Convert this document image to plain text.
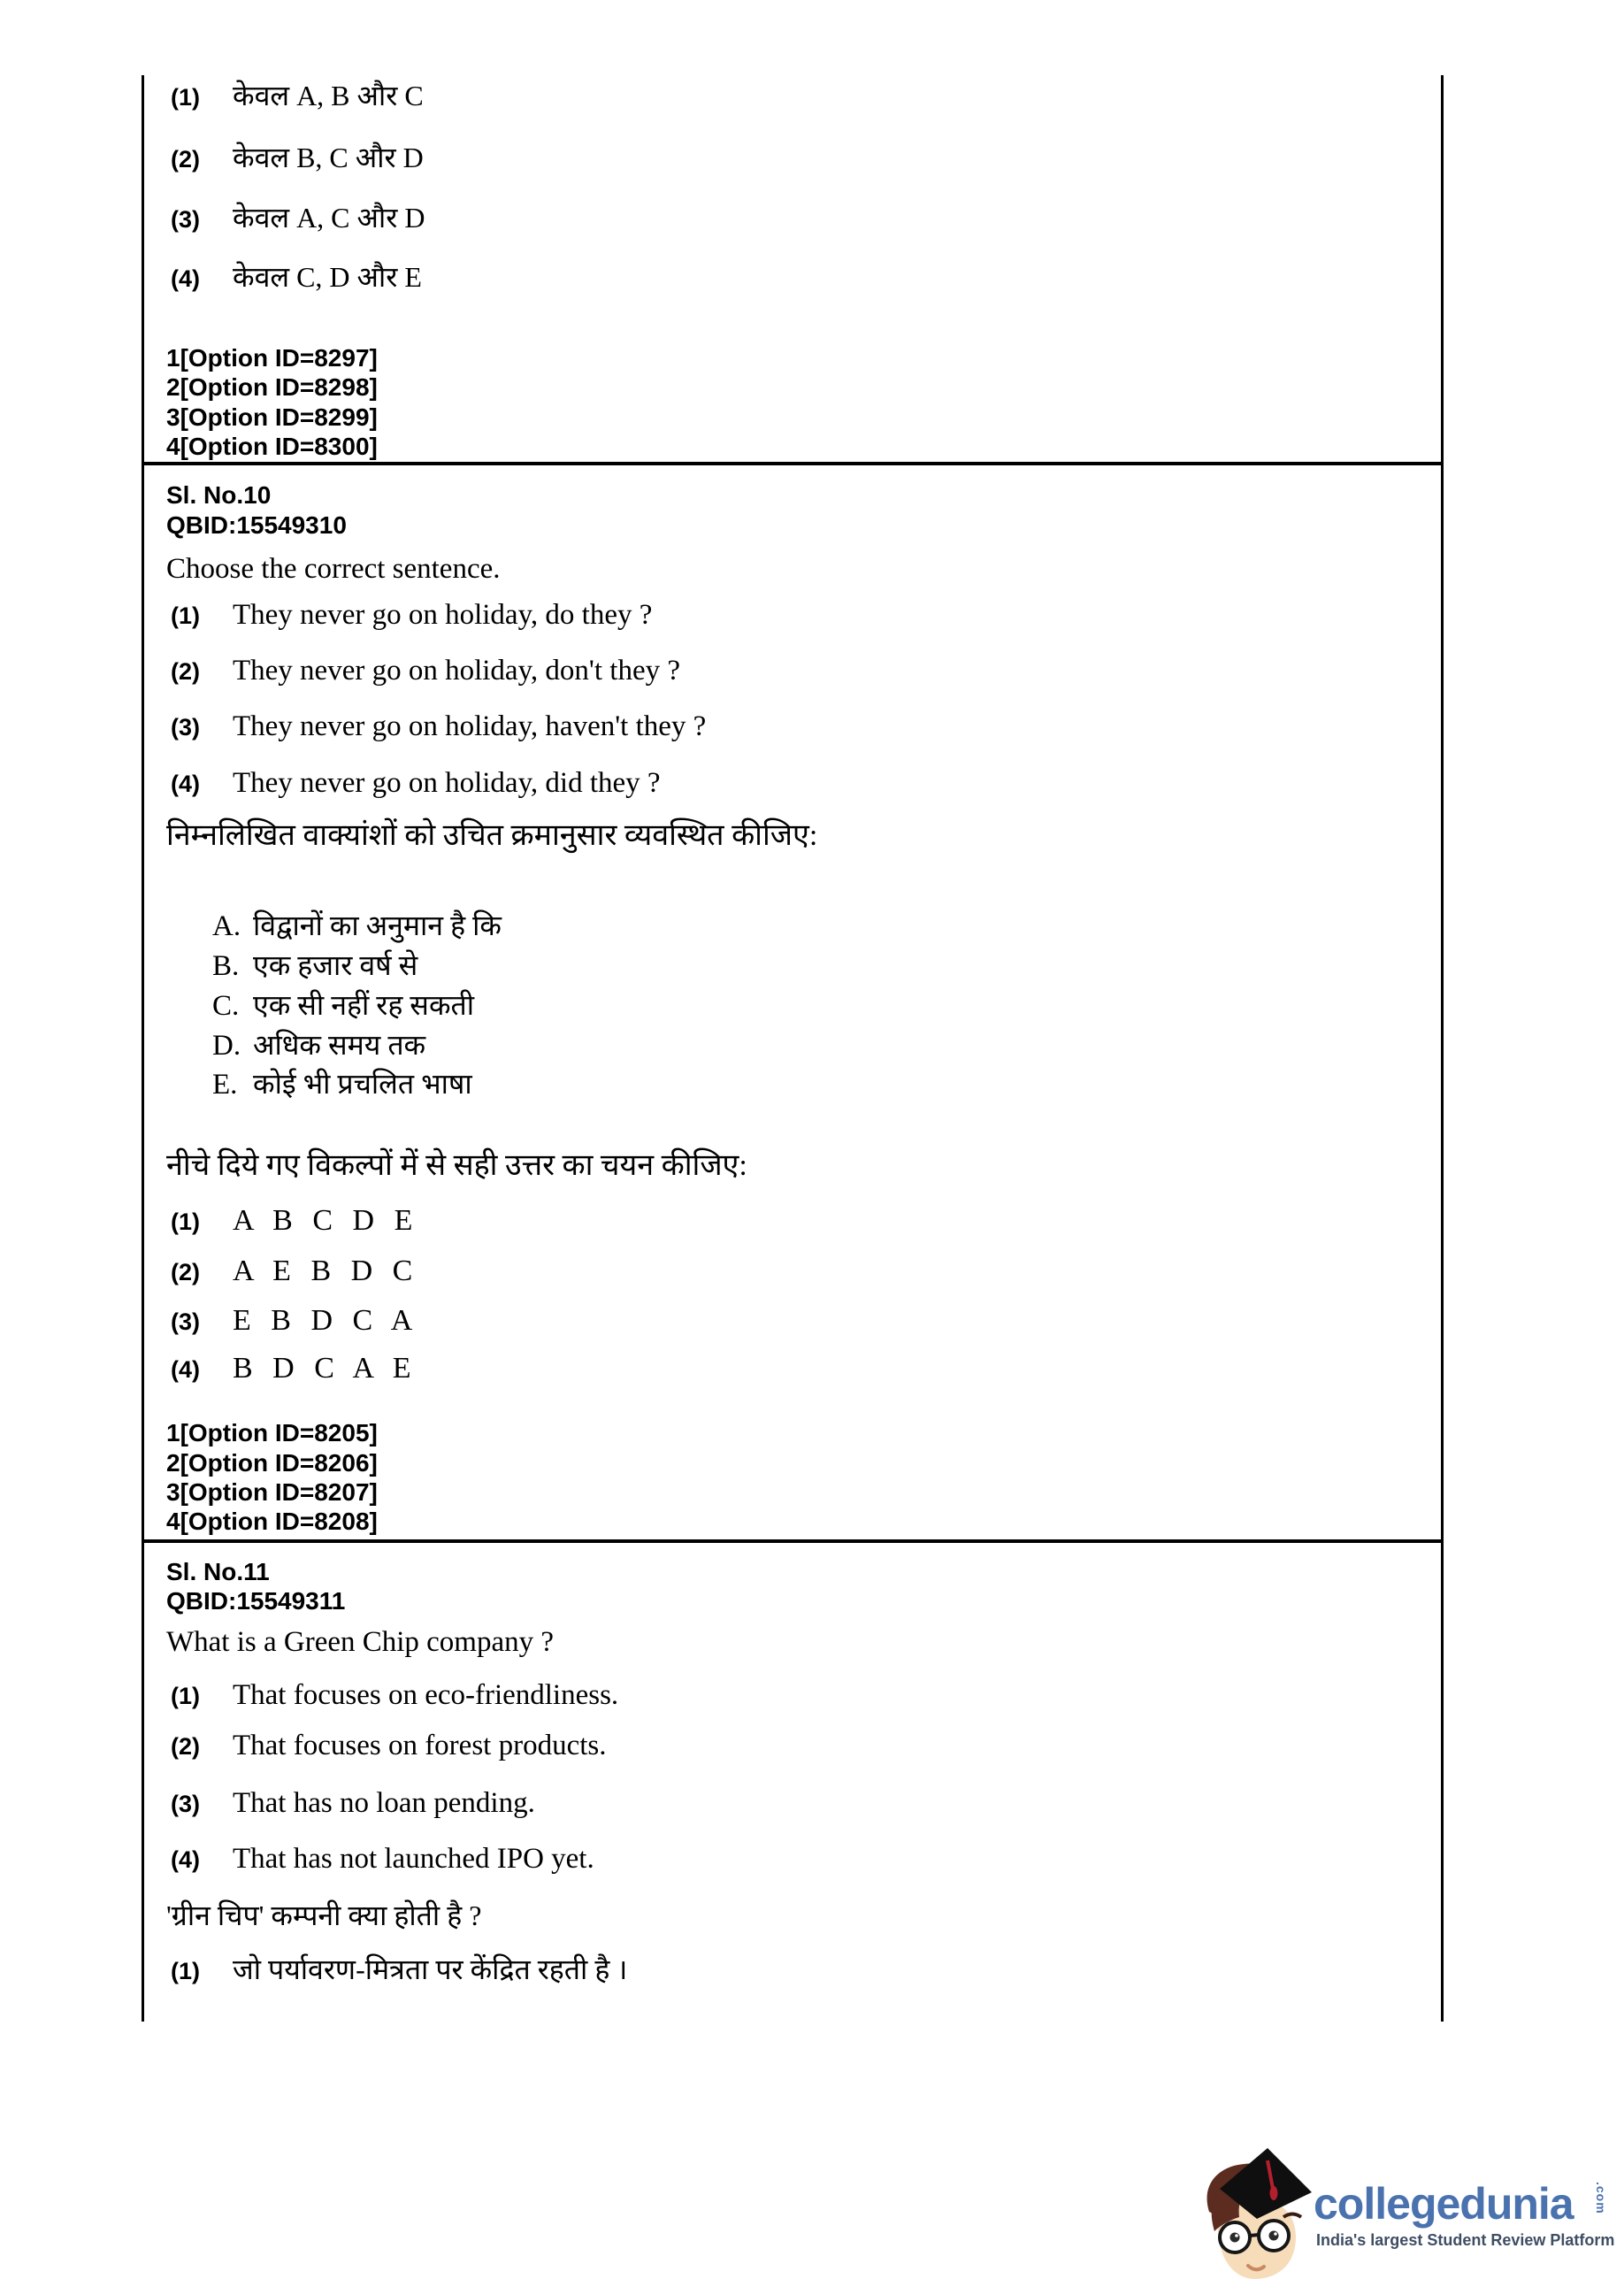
(1) केवल A, B और C
(2) केवल B, C और D
(3) केवल A, C और D
(4) केवल C, D और E
1[Option ID=8297]
2[Option ID=8298]
3[Option ID=8299]
4[Option ID=8300]
Sl. No.10
QBID:15549310
Choose the correct sentence.
(1) They never go on holiday, do they ?
(2) They never go on holiday, don't they ?
(3) They never go on holiday, haven't they ?
(4) They never go on holiday, did they ?
निम्नलिखित वाक्यांशों को उचित क्रमानुसार व्यवस्थित कीजिए:
A. विद्वानों का अनुमान है कि
B. एक हजार वर्ष से
C. एक सी नहीं रह सकती
D. अधिक समय तक
E. कोई भी प्रचलित भाषा
नीचे दिये गए विकल्पों में से सही उत्तर का चयन कीजिए:
(1) A B C D E
(2) A E B D C
(3) E B D C A
(4) B D C A E
1[Option ID=8205]
2[Option ID=8206]
3[Option ID=8207]
4[Option ID=8208]
Sl. No.11
QBID:15549311
What is a Green Chip company ?
(1) That focuses on eco-friendliness.
(2) That focuses on forest products.
(3) That has no loan pending.
(4) That has not launched IPO yet.
'ग्रीन चिप' कम्पनी क्या होती है ?
(1) जो पर्यावरण-मित्रता पर केंद्रित रहती है ।
collegedunia .com
India's largest Student Review Platform
